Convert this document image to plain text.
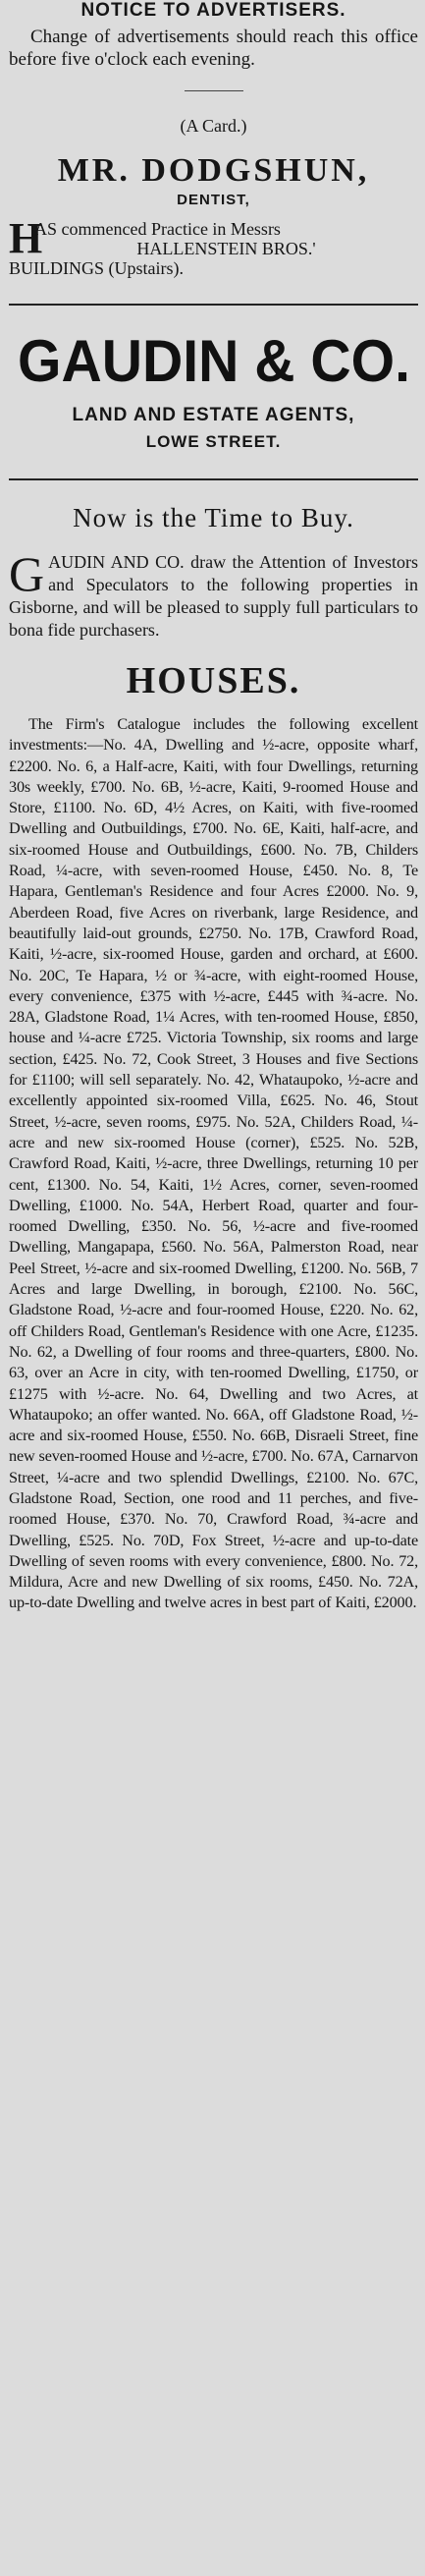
NOTICE TO ADVERTISERS.

Change of advertisements should reach this office before five o'clock each evening.

(A Card.)
MR. DODGSHUN,
DENTIST,
H
AS commenced Practice in Messrs
HALLENSTEIN BROS.'
BUILDINGS (Upstairs).
GAUDIN & CO.
LAND AND ESTATE AGENTS,
LOWE STREET.
Now is the Time to Buy.

GAUDIN AND CO. draw the Attention of Investors and Speculators to the following properties in Gisborne, and will be pleased to supply full particulars to bona fide purchasers.

HOUSES.

The Firm's Catalogue includes the following excellent investments:—No. 4A, Dwelling and ½-acre, opposite wharf, £2200. No. 6, a Half-acre, Kaiti, with four Dwellings, returning 30s weekly, £700. No. 6B, ½-acre, Kaiti, 9-roomed House and Store, £1100. No. 6D, 4½ Acres, on Kaiti, with five-roomed Dwelling and Outbuildings, £700. No. 6E, Kaiti, half-acre, and six-roomed House and Outbuildings, £600. No. 7B, Childers Road, ¼-acre, with seven-roomed House, £450. No. 8, Te Hapara, Gentleman's Residence and four Acres £2000. No. 9, Aberdeen Road, five Acres on riverbank, large Residence, and beautifully laid-out grounds, £2750. No. 17B, Crawford Road, Kaiti, ½-acre, six-roomed House, garden and orchard, at £600. No. 20C, Te Hapara, ½ or ¾-acre, with eight-roomed House, every convenience, £375 with ½-acre, £445 with ¾-acre. No. 28A, Gladstone Road, 1¼ Acres, with ten-roomed House, £850, house and ¼-acre £725. Victoria Township, six rooms and large section, £425. No. 72, Cook Street, 3 Houses and five Sections for £1100; will sell separately. No. 42, Whataupoko, ½-acre and excellently appointed six-roomed Villa, £625. No. 46, Stout Street, ½-acre, seven rooms, £975. No. 52A, Childers Road, ¼-acre and new six-roomed House (corner), £525. No. 52B, Crawford Road, Kaiti, ½-acre, three Dwellings, returning 10 per cent, £1300. No. 54, Kaiti, 1½ Acres, corner, seven-roomed Dwelling, £1000. No. 54A, Herbert Road, quarter and four-roomed Dwelling, £350. No. 56, ½-acre and five-roomed Dwelling, Mangapapa, £560. No. 56A, Palmerston Road, near Peel Street, ½-acre and six-roomed Dwelling, £1200. No. 56B, 7 Acres and large Dwelling, in borough, £2100. No. 56C, Gladstone Road, ½-acre and four-roomed House, £220. No. 62, off Childers Road, Gentleman's Residence with one Acre, £1235. No. 62, a Dwelling of four rooms and three-quarters, £800. No. 63, over an Acre in city, with ten-roomed Dwelling, £1750, or £1275 with ½-acre. No. 64, Dwelling and two Acres, at Whataupoko; an offer wanted. No. 66A, off Gladstone Road, ½-acre and six-roomed House, £550. No. 66B, Disraeli Street, fine new seven-roomed House and ½-acre, £700. No. 67A, Carnarvon Street, ¼-acre and two splendid Dwellings, £2100. No. 67C, Gladstone Road, Section, one rood and 11 perches, and five-roomed House, £370. No. 70, Crawford Road, ¾-acre and Dwelling, £525. No. 70D, Fox Street, ½-acre and up-to-date Dwelling of seven rooms with every convenience, £800. No. 72, Mildura, Acre and new Dwelling of six rooms, £450. No. 72A, up-to-date Dwelling and twelve acres in best part of Kaiti, £2000.
